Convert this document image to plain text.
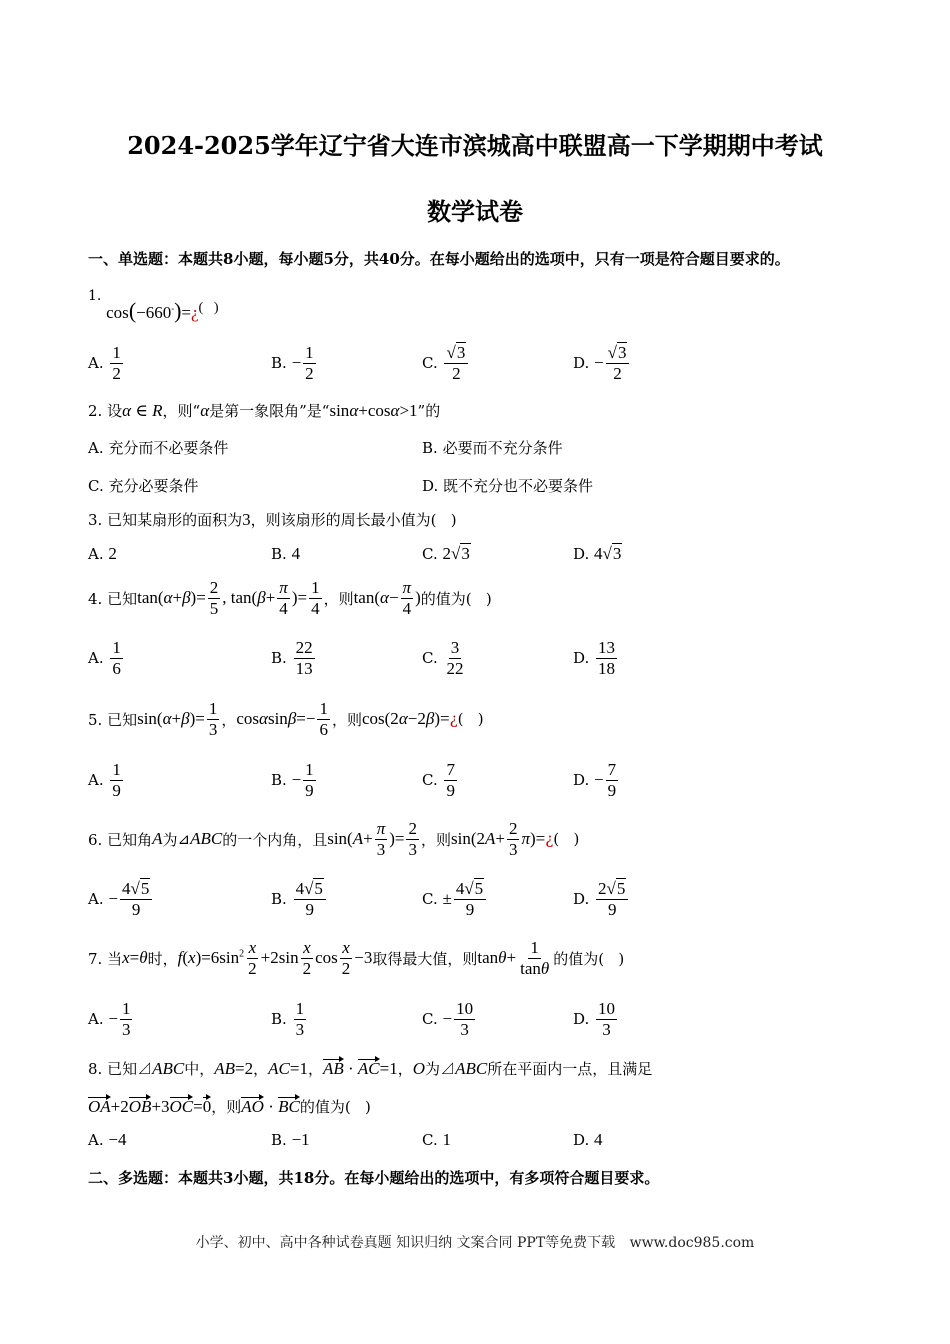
2024-2025学年辽宁省大连市滨城高中联盟高一下学期期中考试
数学试卷
一、单选题：本题共8小题，每小题5分，共40分。在每小题给出的选项中，只有一项是符合题目要求的。
1. cos(−660◦)=¿(   )
A. $\frac{1}{2}$	B. − $\frac{1}{2}$	C. $\frac{√3}{2}$	D. − $\frac{√3}{2}$
2. 设α ∈ R，则“α是第一象限角”是“sinα+cosα>1”的
A. 充分而不必要条件	B. 必要而不充分条件
C. 充分必要条件	D. 既不充分也不必要条件
3. 已知某扇形的面积为3，则该扇形的周长最小值为(   )
A. 2	B. 4	C. 2√3	D. 4√3
4. 已知 tan( α + β )= $\frac{2}{5}$ , tan( $\beta + \frac{\pi}{4}$ )= $\frac{1}{4}$ ，则 tan( $\alpha - \frac{\pi}{4}$ ) 的值为(   )
A. $\frac{1}{6}$	B. $\frac{22}{13}$	C. $\frac{3}{22}$	D. $\frac{13}{18}$
5. 已知 sin( α + β )= $\frac{1}{3}$ ， cos α $\sin \beta =- \frac{1}{6}$ ，则 cos(2 α −2 β )= ¿ (   )
A. $\frac{1}{9}$	B. − $\frac{1}{9}$	C. $\frac{7}{9}$	D. − $\frac{7}{9}$
6. 已知角 A 为 ⊿ ABC 的一个内角，且 sin( $A + \frac{\pi}{3}$ )= $\frac{2}{3}$ ，则 sin(2 $A + \frac{2}{3}$ π )= ¿ (   )
A. − $\frac{4√5}{9}$	B. $\frac{4√5}{9}$	C. ± $\frac{4√5}{9}$	D. $\frac{2√5}{9}$
7. 当 x = θ 时， f ( x )$=6\sin^2 \frac{x}{2} +2\sin \frac{x}{2}$ $\cos \frac{x}{2} -3$ 取得最大值，则 $\tan \theta + \frac{1}{\tan\theta}$ 的值为(   )
A. − $\frac{1}{3}$	B. $\frac{1}{3}$	C. − $\frac{10}{3}$	D. $\frac{10}{3}$
8. 已知⊿ABC中，AB=2，AC=1，AB · AC=1，O为⊿ABC所在平面内一点，且满足
OA+2OB+3OC=0，则AO · BC的值为(   )
A. −4	B. −1	C. 1	D. 4
二、多选题：本题共3小题，共18分。在每小题给出的选项中，有多项符合题目要求。
小学、初中、高中各种试卷真题 知识归纳 文案合同 PPT等免费下载 www.doc985.com
